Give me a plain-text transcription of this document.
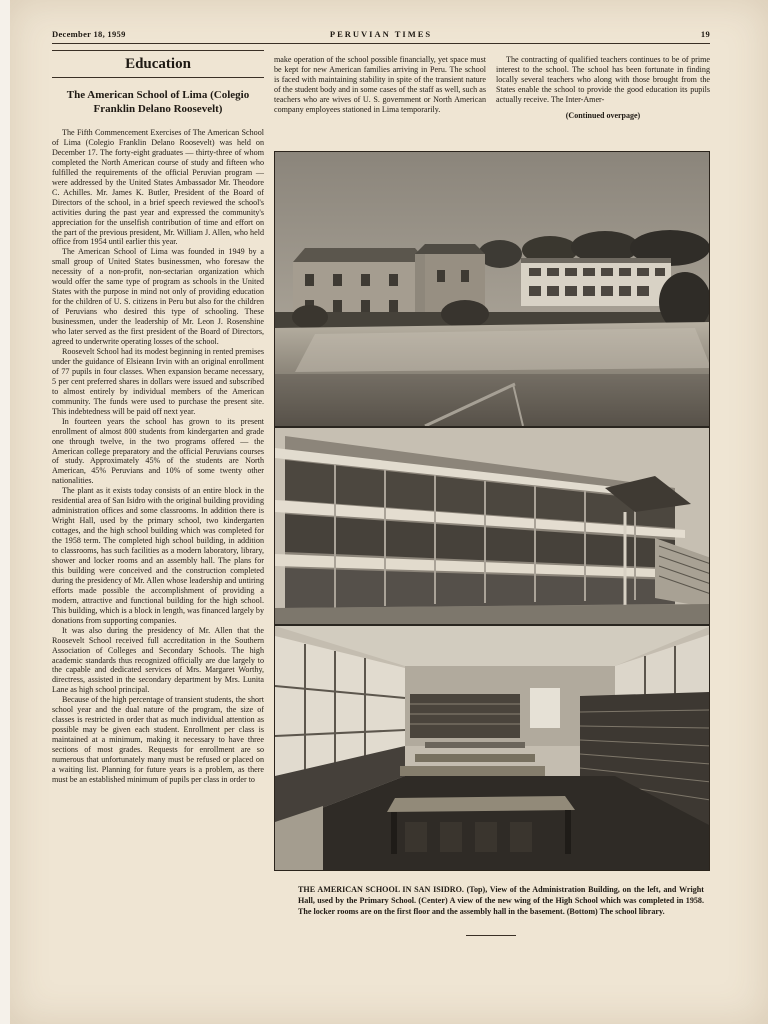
December 18, 1959	PERUVIAN TIMES	19
Education
The American School of Lima (Colegio Franklin Delano Roosevelt)

The Fifth Commencement Exercises of The American School of Lima (Colegio Franklin Delano Roosevelt) was held on December 17. The forty-eight graduates — thirty-three of whom completed the North American course of study and fifteen who fulfilled the requirements of the official Peruvian program — were addressed by the United States Ambassador Mr. Theodore C. Achilles. Mr. James K. Butler, President of the Board of Directors of the school, in a brief speech reviewed the school's activities during the past year and expressed the community's appreciation for the unselfish contribution of time and effort on the part of the previous president, Mr. William J. Allen, who held office from 1954 until earlier this year.

The American School of Lima was founded in 1949 by a small group of United States businessmen, who foresaw the necessity of a non-profit, non-sectarian organization which would offer the same type of program as schools in the United States with the purpose in mind not only of providing education for the children of U. S. citizens in Peru but also for the children of Peruvians who desired this type of schooling. These businessmen, under the leadership of Mr. Leon J. Rosenshine who later served as the first president of the Board of Directors, agreed to underwrite operating losses of the school.

Roosevelt School had its modest beginning in rented premises under the guidance of Elsieann Irvin with an original enrollment of 77 pupils in four classes. When expansion became necessary, 5 per cent preferred shares in dollars were issued and subscribed to almost entirely by individual members of the American community. The funds were used to purchase the present site. This indebtedness will be paid off next year.

In fourteen years the school has grown to its present enrollment of almost 800 students from kindergarten and grade one through twelve, in the two programs offered — the American college preparatory and the official Peruvians courses of study. Approximately 45% of the students are North American, 45% Peruvians and 10% of some twenty other nationalities.

The plant as it exists today consists of an entire block in the residential area of San Isidro with the original building providing administration offices and some classrooms. In addition there is Wright Hall, used by the primary school, two kindergarten cottages, and the high school building which was completed for the 1958 term. The completed high school building, in addition to classrooms, has such facilities as a modern laboratory, library, shower and locker rooms and an assembly hall. The plans for this building were conceived and the construction completed during the presidency of Mr. Allen whose leadership and untiring efforts made possible the accomplishment of providing a modern, attractive and functional building for the high school. This building, which is a block in length, was financed largely by donations from supporting companies.

It was also during the presidency of Mr. Allen that the Roosevelt School received full accreditation in the Southern Association of Colleges and Secondary Schools. The high academic standards thus recognized officially are due largely to the capable and dedicated services of Mrs. Margaret Worthy, directress, assisted in the secondary department by Mrs. Lunita Lane as high school principal.

Because of the high percentage of transient students, the short school year and the dual nature of the program, the size of classes is restricted in order that as much individual attention as possible may be given each student. Enrollment per class is maintained at a minimum, making it necessary to have three sections of most grades. Requests for enrollment are so numerous that unfortunately many must be refused or placed on a waiting list. Planning for future years is a problem, as there must be an established minimum of pupils per class in order to

make operation of the school possible financially, yet space must be kept for new American families arriving in Peru. The school is faced with maintaining stability in spite of the transient nature of the student body and in some cases of the staff as well, such as teachers who are wives of U. S. government or North American company employees stationed in Lima temporarily.

The contracting of qualified teachers continues to be of prime interest to the school. The school has been fortunate in finding locally several teachers who along with those brought from the States enable the school to provide the good education its pupils actually receive. The Inter-Amer-

(Continued overpage)
THE AMERICAN SCHOOL IN SAN ISIDRO. (Top), View of the Administration Building, on the left, and Wright Hall, used by the Primary School. (Center) A view of the new wing of the High School which was completed in 1958. The locker rooms are on the first floor and the assembly hall in the basement. (Bottom) The school library.
